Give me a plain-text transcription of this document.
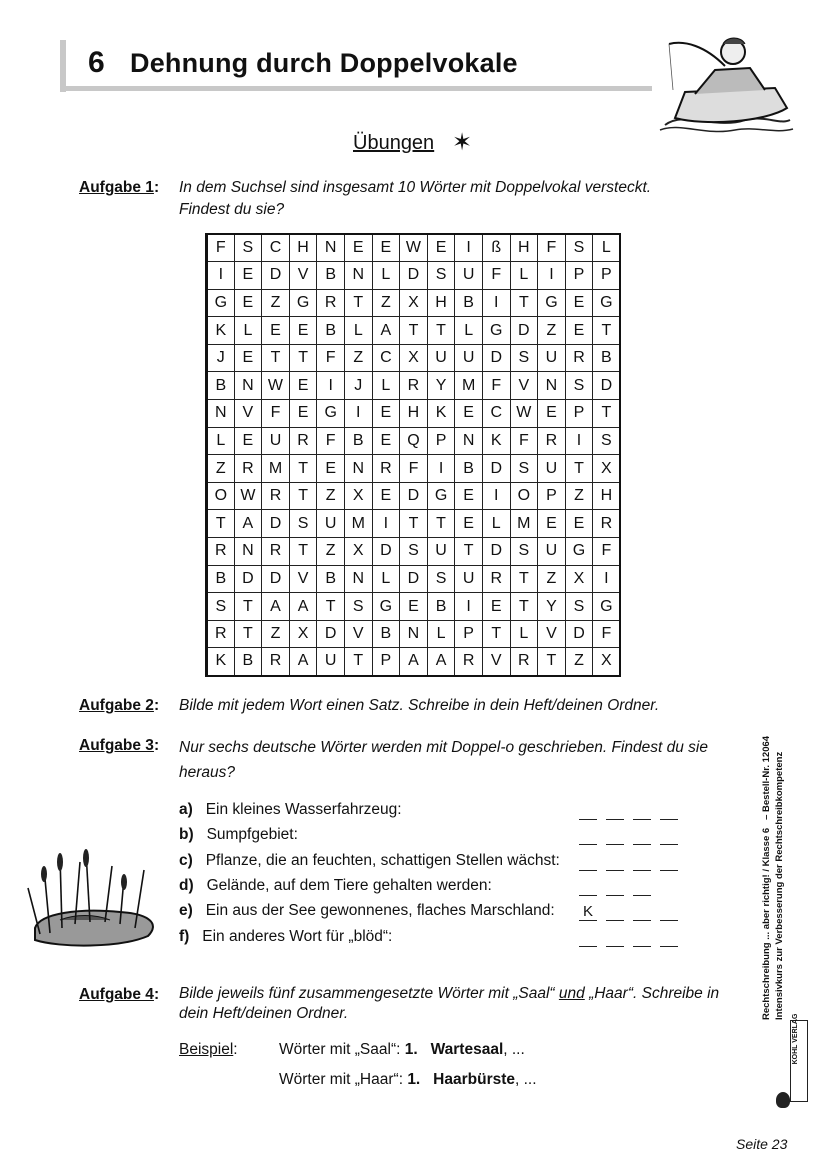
6 Dehnung durch Doppelvokale
Übungen ✶
Aufgabe 1: In dem Suchsel sind insgesamt 10 Wörter mit Doppelvokal versteckt.
Findest du sie?
F	S	C	H	N	E	E	W	E	I	ß	H	F	S	L
I	E	D	V	B	N	L	D	S	U	F	L	I	P	P
G	E	Z	G	R	T	Z	X	H	B	I	T	G	E	G
K	L	E	E	B	L	A	T	T	L	G	D	Z	E	T
J	E	T	T	F	Z	C	X	U	U	D	S	U	R	B
B	N	W	E	I	J	L	R	Y	M	F	V	N	S	D
N	V	F	E	G	I	E	H	K	E	C	W	E	P	T
L	E	U	R	F	B	E	Q	P	N	K	F	R	I	S
Z	R	M	T	E	N	R	F	I	B	D	S	U	T	X
O	W	R	T	Z	X	E	D	G	E	I	O	P	Z	H
T	A	D	S	U	M	I	T	T	E	L	M	E	E	R
R	N	R	T	Z	X	D	S	U	T	D	S	U	G	F
B	D	D	V	B	N	L	D	S	U	R	T	Z	X	I
S	T	A	A	T	S	G	E	B	I	E	T	Y	S	G
R	T	Z	X	D	V	B	N	L	P	T	L	V	D	F
K	B	R	A	U	T	P	A	A	R	V	R	T	Z	X
Aufgabe 2: Bilde mit jedem Wort einen Satz. Schreibe in dein Heft/deinen Ordner.
Aufgabe 3: Nur sechs deutsche Wörter werden mit Doppel-o geschrieben. Findest du sie
heraus?
a) Ein kleines Wasserfahrzeug:
b) Sumpfgebiet:
c) Pflanze, die an feuchten, schattigen Stellen wächst:
d) Gelände, auf dem Tiere gehalten werden:
e) Ein aus der See gewonnenes, flaches Marschland: K
f) Ein anderes Wort für „blöd“:
Aufgabe 4: Bilde jeweils fünf zusammengesetzte Wörter mit „Saal“ und „Haar“. Schreibe in
dein Heft/deinen Ordner.
Beispiel:	Wörter mit „Saal“: 1. Wartesaal, ...
Wörter mit „Haar“: 1. Haarbürste, ...
Rechtschreibung ... aber richtig! / Klasse 6   – Bestell-Nr. 12064 Intensivkurs zur Verbesserung der Rechtschreibkompetenz
KOHL VERLAG
Seite 23
